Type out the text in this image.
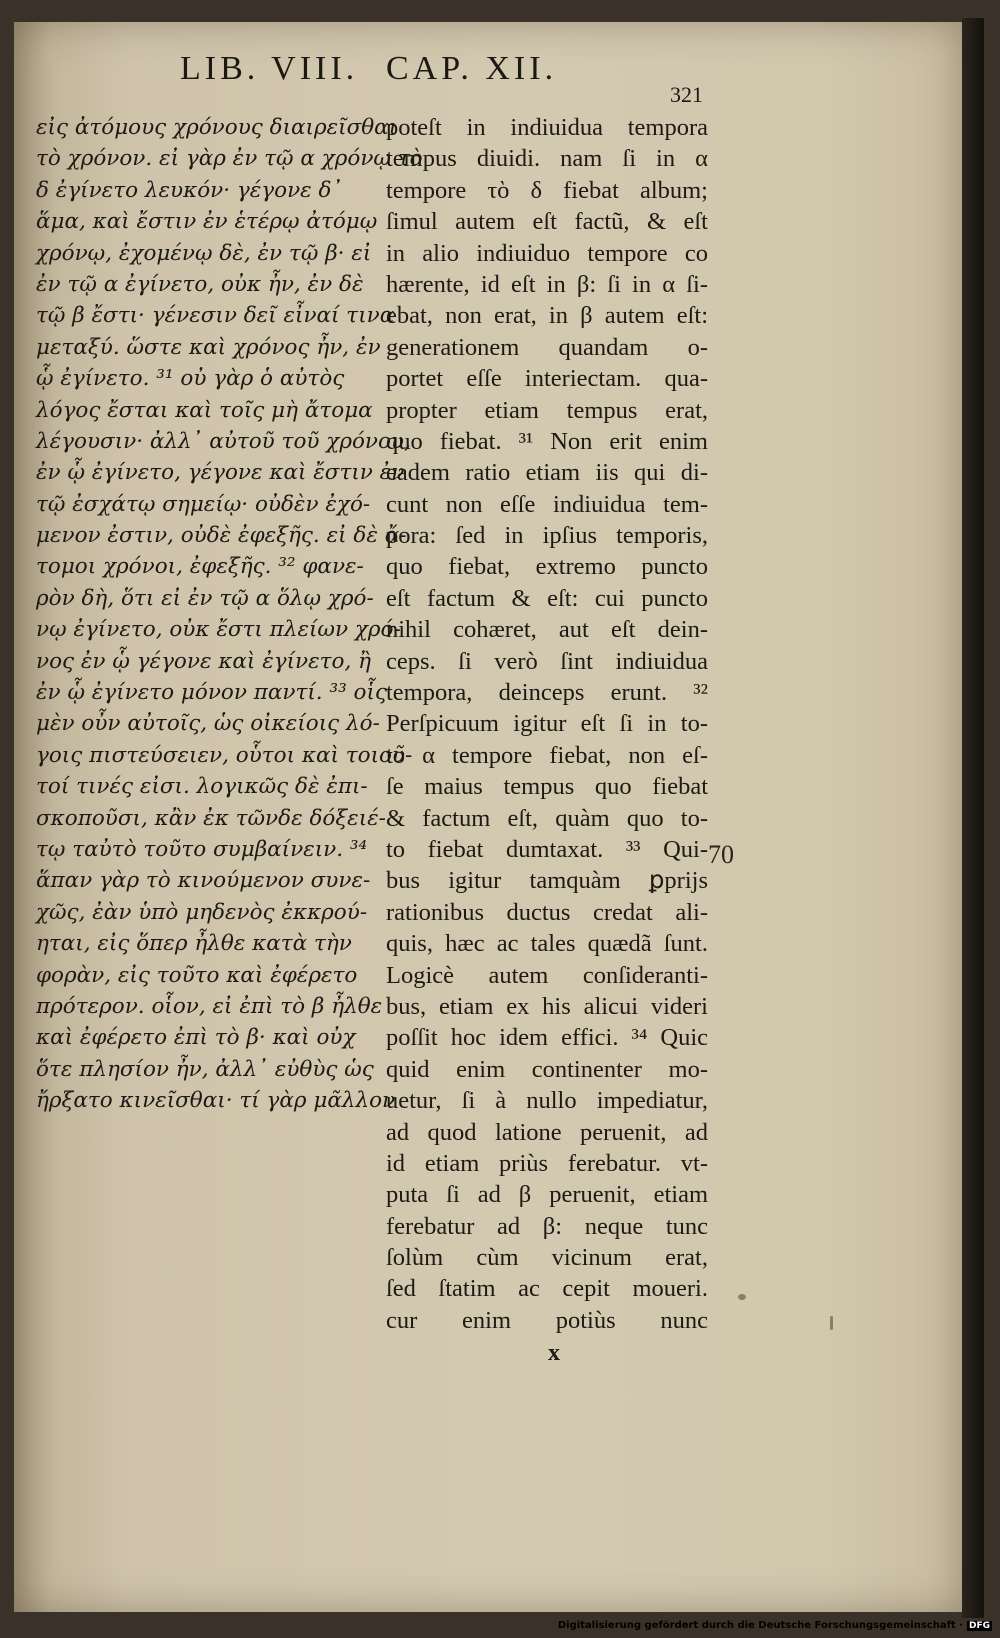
LIB. VIII. CAP. XII.
321
εἰς ἀτόμους χρόνους διαιρεῖσθαι
τὸ χρόνον. εἰ γὰρ ἐν τῷ α χρόνῳ τὸ
δ ἐγίνετο λευκόν· γέγονε δ᾽
ἅμα, καὶ ἔστιν ἐν ἑτέρῳ ἀτόμῳ
χρόνῳ, ἐχομένῳ δὲ, ἐν τῷ β· εἰ
ἐν τῷ α ἐγίνετο, οὐκ ἦν, ἐν δὲ
τῷ β ἔστι· γένεσιν δεῖ εἶναί τινα
μεταξύ. ὥστε καὶ χρόνος ἦν, ἐν
ᾧ ἐγίνετο. ³¹ οὐ γὰρ ὁ αὐτὸς
λόγος ἔσται καὶ τοῖς μὴ ἄτομα
λέγουσιν· ἀλλ᾽ αὐτοῦ τοῦ χρόνου,
ἐν ᾧ ἐγίνετο, γέγονε καὶ ἔστιν ἐν
τῷ ἐσχάτῳ σημείῳ· οὐδὲν ἐχό-
μενον ἐστιν, οὐδὲ ἐφεξῆς. εἰ δὲ ἄ-
τομοι χρόνοι, ἐφεξῆς. ³² φανε-
ρὸν δὴ, ὅτι εἰ ἐν τῷ α ὅλῳ χρό-
νῳ ἐγίνετο, οὐκ ἔστι πλείων χρό-
νος ἐν ᾧ γέγονε καὶ ἐγίνετο, ἢ
ἐν ᾧ ἐγίνετο μόνον παντί. ³³ οἷς
μὲν οὖν αὐτοῖς, ὡς οἰκείοις λό-
γοις πιστεύσειεν, οὗτοι καὶ τοιοῦ-
τοί τινές εἰσι. λογικῶς δὲ ἐπι-
σκοποῦσι, κἂν ἐκ τῶνδε δόξειέ-
τῳ ταὐτὸ τοῦτο συμβαίνειν. ³⁴
ἅπαν γὰρ τὸ κινούμενον συνε-
χῶς, ἐὰν ὑπὸ μηδενὸς ἐκκρού-
ηται, εἰς ὅπερ ἦλθε κατὰ τὴν
φορὰν, εἰς τοῦτο καὶ ἐφέρετο
πρότερον. οἷον, εἰ ἐπὶ τὸ β ἦλθε
καὶ ἐφέρετο ἐπὶ τὸ β· καὶ οὐχ
ὅτε πλησίον ἦν, ἀλλ᾽ εὐθὺς ὡς
ἤρξατο κινεῖσθαι· τί γὰρ μᾶλλον
poteſt in indiuidua tempora
tempus diuidi. nam ſi in α
tempore τὸ δ fiebat album;
ſimul autem eſt factũ, & eſt
in alio indiuiduo tempore co
hærente, id eſt in β: ſi in α ſi-
ebat, non erat, in β autem eſt:
generationem quandam o-
portet eſſe interiectam. qua-
propter etiam tempus erat,
quo fiebat. ³¹ Non erit enim
eadem ratio etiam iis qui di-
cunt non eſſe indiuidua tem-
pora: ſed in ipſius temporis,
quo fiebat, extremo puncto
eſt factum & eſt: cui puncto
nihil cohæret, aut eſt dein-
ceps. ſi verò ſint indiuidua
tempora, deinceps erunt. ³²
Perſpicuum igitur eſt ſi in to-
to α tempore fiebat, non eſ-
ſe maius tempus quo fiebat
& factum eſt, quàm quo to-
to fiebat dumtaxat. ³³ Qui-
bus igitur tamquàm ꝑprijs
rationibus ductus credat ali-
quis, hæc ac tales quædã ſunt.
Logicè autem conſideranti-
bus, etiam ex his alicui videri
poſſit hoc idem effici. ³⁴ Quic
quid enim continenter mo-
uetur, ſi à nullo impediatur,
ad quod latione peruenit, ad
id etiam priùs ferebatur. vt-
puta ſi ad β peruenit, etiam
ferebatur ad β: neque tunc
ſolùm cùm vicinum erat,
ſed ſtatim ac cepit moueri.
cur enim potiùs nunc
70
x
Digitalisierung gefördert durch die Deutsche Forschungsgemeinschaft · DFG
